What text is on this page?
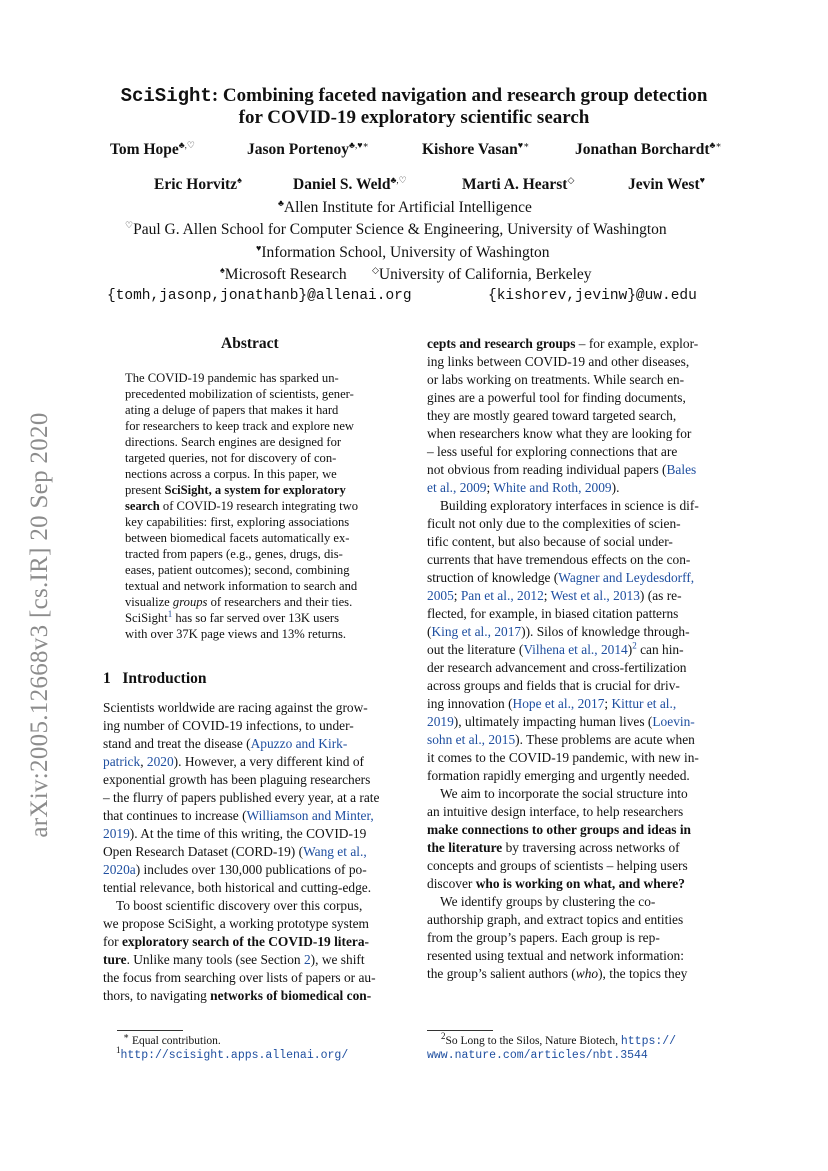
arXiv:2005.12668v3 [cs.IR] 20 Sep 2020
SciSight: Combining faceted navigation and research group detection
for COVID-19 exploratory scientific search
Tom Hope♣,♡	Jason Portenoy♣,♥∗	Kishore Vasan♥∗	Jonathan Borchardt♣∗
Eric Horvitz♠	Daniel S. Weld♣,♡	Marti A. Hearst◇	Jevin West♥
♣Allen Institute for Artificial Intelligence
♡Paul G. Allen School for Computer Science & Engineering, University of Washington
♥Information School, University of Washington
♠Microsoft Research	◇University of California, Berkeley
{tomh,jasonp,jonathanb}@allenai.org	{kishorev,jevinw}@uw.edu
Abstract
The COVID-19 pandemic has sparked un-
precedented mobilization of scientists, gener-
ating a deluge of papers that makes it hard
for researchers to keep track and explore new
directions. Search engines are designed for
targeted queries, not for discovery of con-
nections across a corpus. In this paper, we
present SciSight, a system for exploratory
search of COVID-19 research integrating two
key capabilities: first, exploring associations
between biomedical facets automatically ex-
tracted from papers (e.g., genes, drugs, dis-
eases, patient outcomes); second, combining
textual and network information to search and
visualize groups of researchers and their ties.
SciSight$^1$ has so far served over 13K users
with over 37K page views and 13% returns.
1 Introduction
Scientists worldwide are racing against the grow-
ing number of COVID-19 infections, to under-
stand and treat the disease (Apuzzo and Kirk-
patrick, 2020). However, a very different kind of
exponential growth has been plaguing researchers
– the flurry of papers published every year, at a rate
that continues to increase (Williamson and Minter,
2019). At the time of this writing, the COVID-19
Open Research Dataset (CORD-19) (Wang et al.,
2020a) includes over 130,000 publications of po-
tential relevance, both historical and cutting-edge.
To boost scientific discovery over this corpus,
we propose SciSight, a working prototype system
for exploratory search of the COVID-19 litera-
ture. Unlike many tools (see Section 2), we shift
the focus from searching over lists of papers or au-
thors, to navigating networks of biomedical con-
∗ Equal contribution.
$^1$http://scisight.apps.allenai.org/
cepts and research groups – for example, explor-
ing links between COVID-19 and other diseases,
or labs working on treatments. While search en-
gines are a powerful tool for finding documents,
they are mostly geared toward targeted search,
when researchers know what they are looking for
– less useful for exploring connections that are
not obvious from reading individual papers (Bales
et al., 2009; White and Roth, 2009).
Building exploratory interfaces in science is dif-
ficult not only due to the complexities of scien-
tific content, but also because of social under-
currents that have tremendous effects on the con-
struction of knowledge (Wagner and Leydesdorff,
2005; Pan et al., 2012; West et al., 2013) (as re-
flected, for example, in biased citation patterns
(King et al., 2017)). Silos of knowledge through-
out the literature (Vilhena et al., 2014)$^2$ can hin-
der research advancement and cross-fertilization
across groups and fields that is crucial for driv-
ing innovation (Hope et al., 2017; Kittur et al.,
2019), ultimately impacting human lives (Loevin-
sohn et al., 2015). These problems are acute when
it comes to the COVID-19 pandemic, with new in-
formation rapidly emerging and urgently needed.
We aim to incorporate the social structure into
an intuitive design interface, to help researchers
make connections to other groups and ideas in
the literature by traversing across networks of
concepts and groups of scientists – helping users
discover who is working on what, and where?
We identify groups by clustering the co-
authorship graph, and extract topics and entities
from the group’s papers. Each group is rep-
resented using textual and network information:
the group’s salient authors (who), the topics they
$^2$So Long to the Silos, Nature Biotech, https://
www.nature.com/articles/nbt.3544
